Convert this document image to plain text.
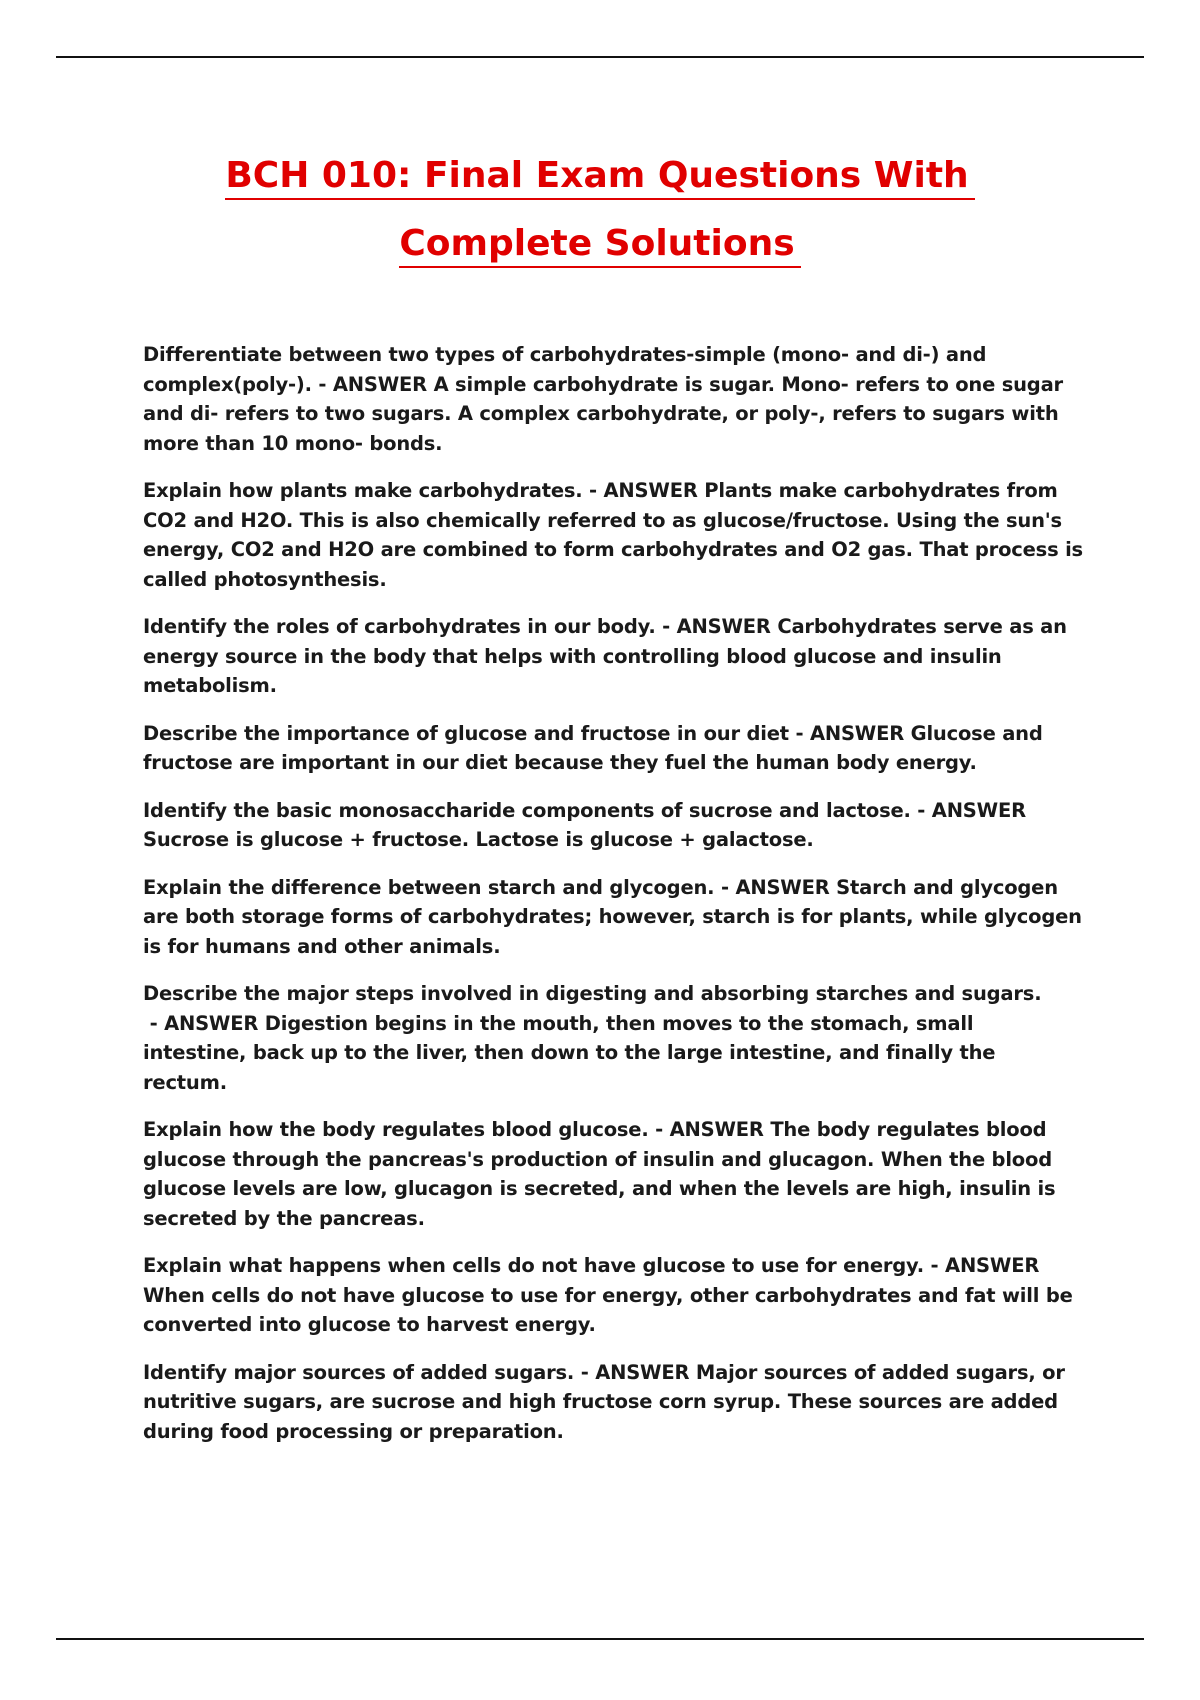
BCH 010: Final Exam Questions With
Complete Solutions

Differentiate between two types of carbohydrates-simple (mono- and di-) and complex(poly-). - ANSWER A simple carbohydrate is sugar. Mono- refers to one sugar and di- refers to two sugars. A complex carbohydrate, or poly-, refers to sugars with more than 10 mono- bonds.

Explain how plants make carbohydrates. - ANSWER Plants make carbohydrates from CO2 and H2O. This is also chemically referred to as glucose/fructose. Using the sun's energy, CO2 and H2O are combined to form carbohydrates and O2 gas. That process is called photosynthesis.

Identify the roles of carbohydrates in our body. - ANSWER Carbohydrates serve as an energy source in the body that helps with controlling blood glucose and insulin metabolism.

Describe the importance of glucose and fructose in our diet - ANSWER Glucose and fructose are important in our diet because they fuel the human body energy.

Identify the basic monosaccharide components of sucrose and lactose. - ANSWER Sucrose is glucose + fructose. Lactose is glucose + galactose.

Explain the difference between starch and glycogen. - ANSWER Starch and glycogen are both storage forms of carbohydrates; however, starch is for plants, while glycogen is for humans and other animals.

Describe the major steps involved in digesting and absorbing starches and sugars. - ANSWER Digestion begins in the mouth, then moves to the stomach, small intestine, back up to the liver, then down to the large intestine, and finally the rectum.

Explain how the body regulates blood glucose. - ANSWER The body regulates blood glucose through the pancreas's production of insulin and glucagon. When the blood glucose levels are low, glucagon is secreted, and when the levels are high, insulin is secreted by the pancreas.

Explain what happens when cells do not have glucose to use for energy. - ANSWER When cells do not have glucose to use for energy, other carbohydrates and fat will be converted into glucose to harvest energy.

Identify major sources of added sugars. - ANSWER Major sources of added sugars, or nutritive sugars, are sucrose and high fructose corn syrup. These sources are added during food processing or preparation.
